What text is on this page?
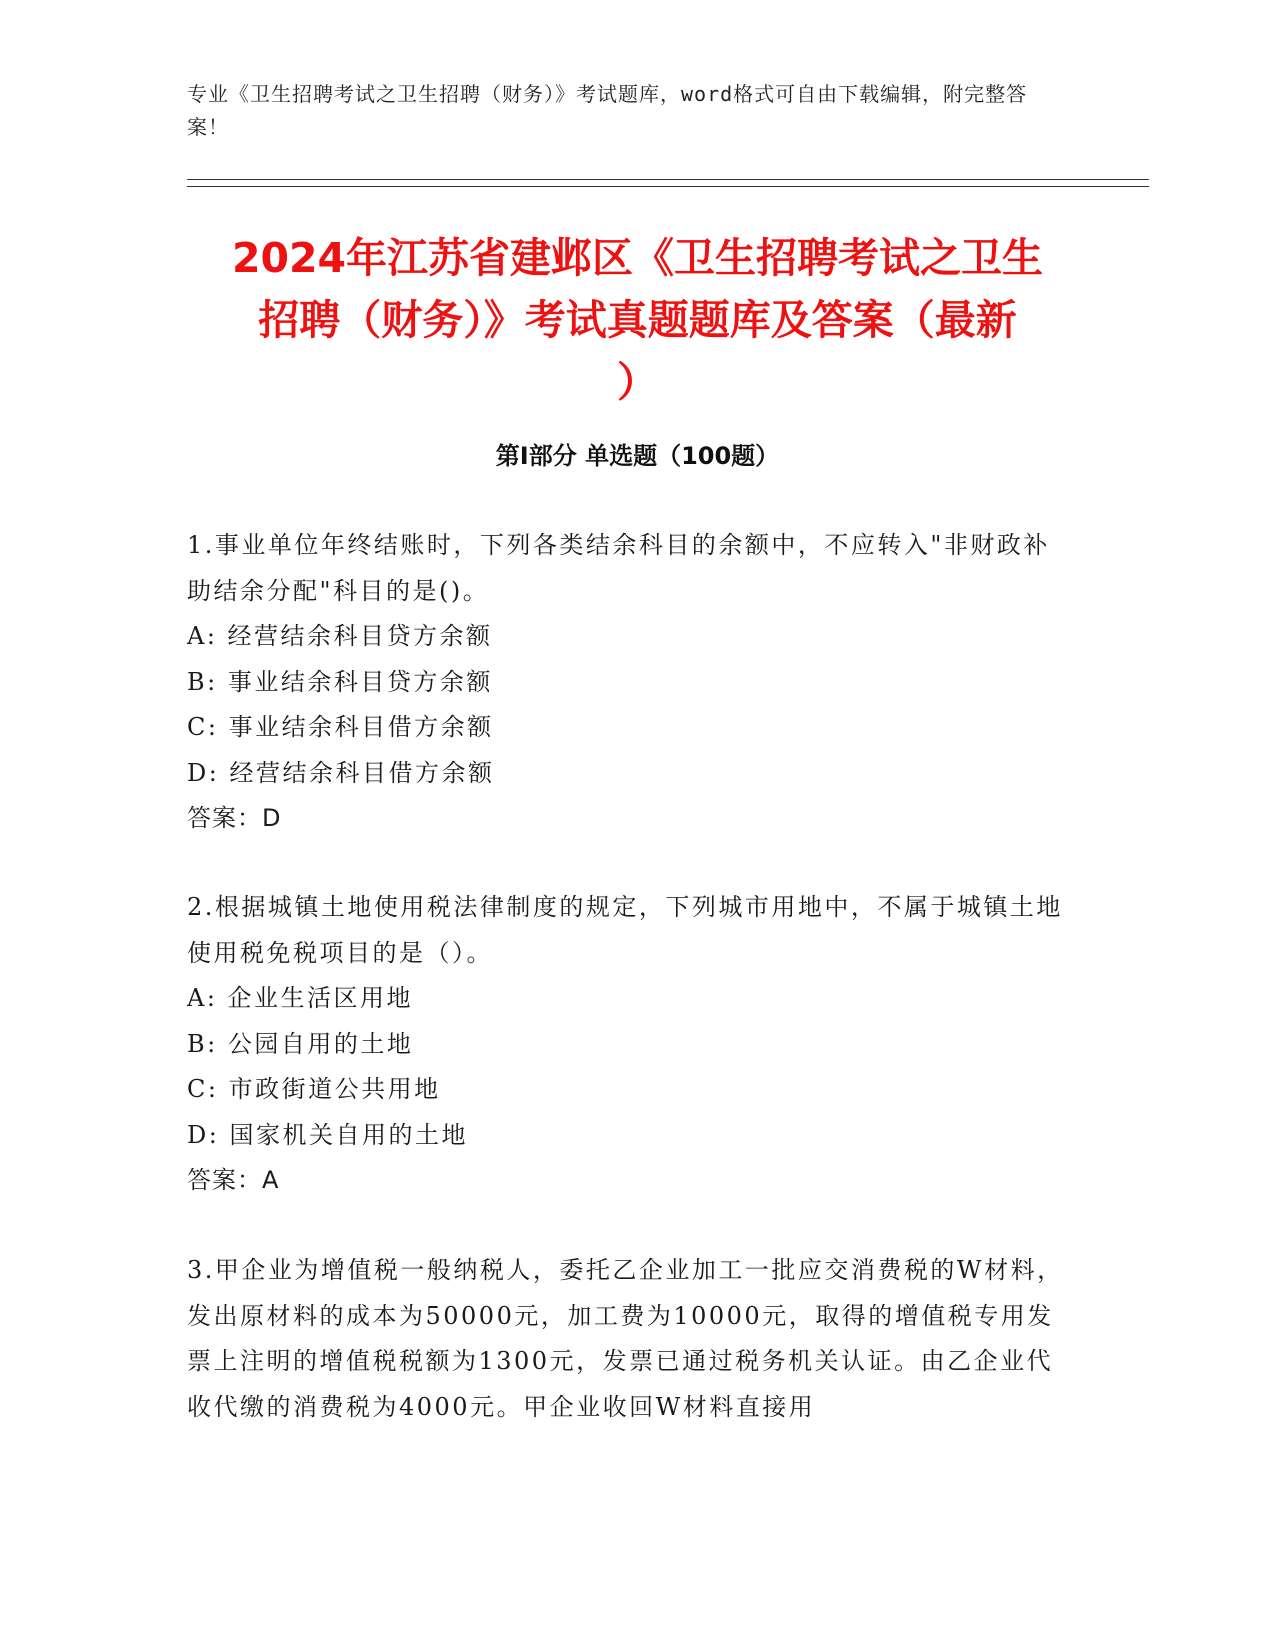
专业《卫生招聘考试之卫生招聘（财务）》考试题库，word格式可自由下载编辑，附完整答案！
2024年江苏省建邺区《卫生招聘考试之卫生
招聘（财务）》考试真题题库及答案（最新
）
第Ⅰ部分 单选题（100题）
1.事业单位年终结账时，下列各类结余科目的余额中，不应转入"非财政补助结余分配"科目的是()。
A: 经营结余科目贷方余额
B: 事业结余科目贷方余额
C: 事业结余科目借方余额
D: 经营结余科目借方余额
答案：D
2.根据城镇土地使用税法律制度的规定，下列城市用地中，不属于城镇土地使用税免税项目的是（）。
A: 企业生活区用地
B: 公园自用的土地
C: 市政街道公共用地
D: 国家机关自用的土地
答案：A
3.甲企业为增值税一般纳税人，委托乙企业加工一批应交消费税的W材料，发出原材料的成本为50000元，加工费为10000元，取得的增值税专用发票上注明的增值税税额为1300元，发票已通过税务机关认证。由乙企业代收代缴的消费税为4000元。甲企业收回W材料直接用
